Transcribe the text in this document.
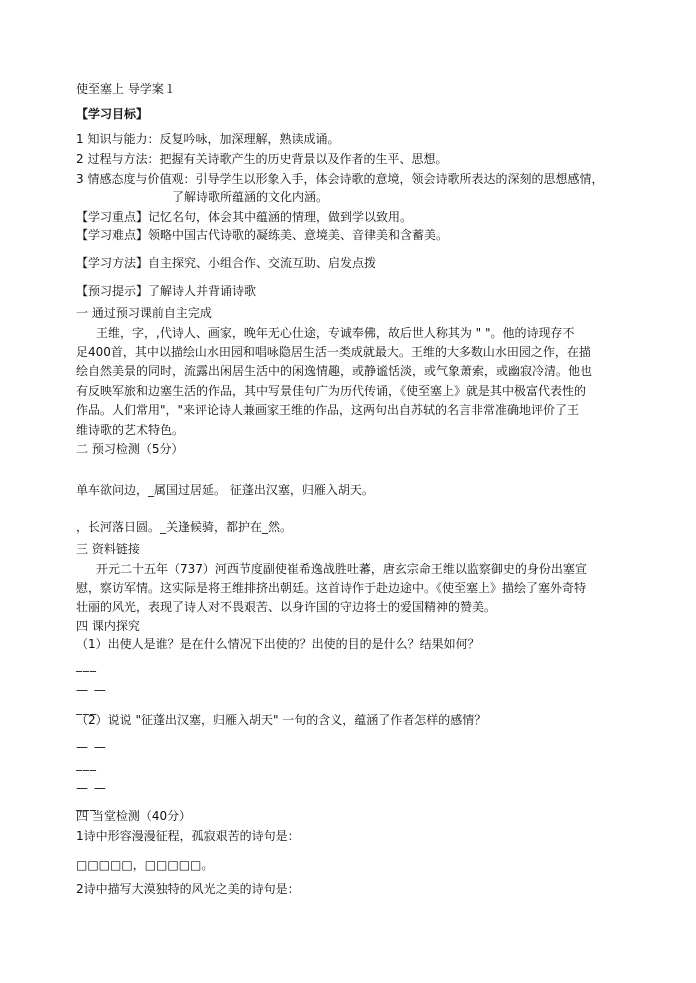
使至塞上 导学案１
【学习目标】
1 知识与能力：反复吟咏，加深理解，熟读成诵。
2 过程与方法：把握有关诗歌产生的历史背景以及作者的生平、思想。
3 情感态度与价值观：引导学生以形象入手，体会诗歌的意境，领会诗歌所表达的深刻的思想感情，
了解诗歌所蕴涵的文化内涵。
【学习重点】记忆名句，体会其中蕴涵的情理，做到学以致用。
【学习难点】领略中国古代诗歌的凝练美、意境美、音律美和含蓄美。
【学习方法】自主探究、小组合作、交流互助、启发点拨
【预习提示】了解诗人并背诵诗歌
一 通过预习课前自主完成
王维，字，,代诗人、画家，晚年无心仕途，专诚奉佛，故后世人称其为 " "。他的诗现存不
足400首，其中以描绘山水田园和唱咏隐居生活一类成就最大。王维的大多数山水田园之作，在描
绘自然美景的同时，流露出闲居生活中的闲逸情趣，或静谧恬淡，或气象萧索，或幽寂冷清。他也
有反映军旅和边塞生活的作品，其中写景佳句广为历代传诵，《使至塞上》就是其中极富代表性的
作品。人们常用"，"来评论诗人兼画家王维的作品，这两句出自苏轼的名言非常准确地评价了王
维诗歌的艺术特色。
二 预习检测（5分）
单车欲问边，_属国过居延。 征蓬出汉塞，归雁入胡天。
，长河落日圆。_关逢候骑，都护在_然。
三 资料链接
开元二十五年（737）河西节度副使崔希逸战胜吐蕃，唐玄宗命王维以监察御史的身份出塞宣
慰，察访军情。这实际是将王维排挤出朝廷。这首诗作于赴边途中。《使至塞上》描绘了塞外奇特
壮丽的风光，表现了诗人对不畏艰苦、以身许国的守边将士的爱国精神的赞美。
四 课内探究
（1）出使人是谁？是在什么情况下出使的？出使的目的是什么？结果如何？
___
— —
___
（2）说说 "征蓬出汉塞，归雁入胡天" 一句的含义，蕴涵了作者怎样的感情？
— —
___
— —
___
四 当堂检测（40分）
1诗中形容漫漫征程，孤寂艰苦的诗句是：
□□□□□，□□□□□。
2诗中描写大漠独特的风光之美的诗句是：
